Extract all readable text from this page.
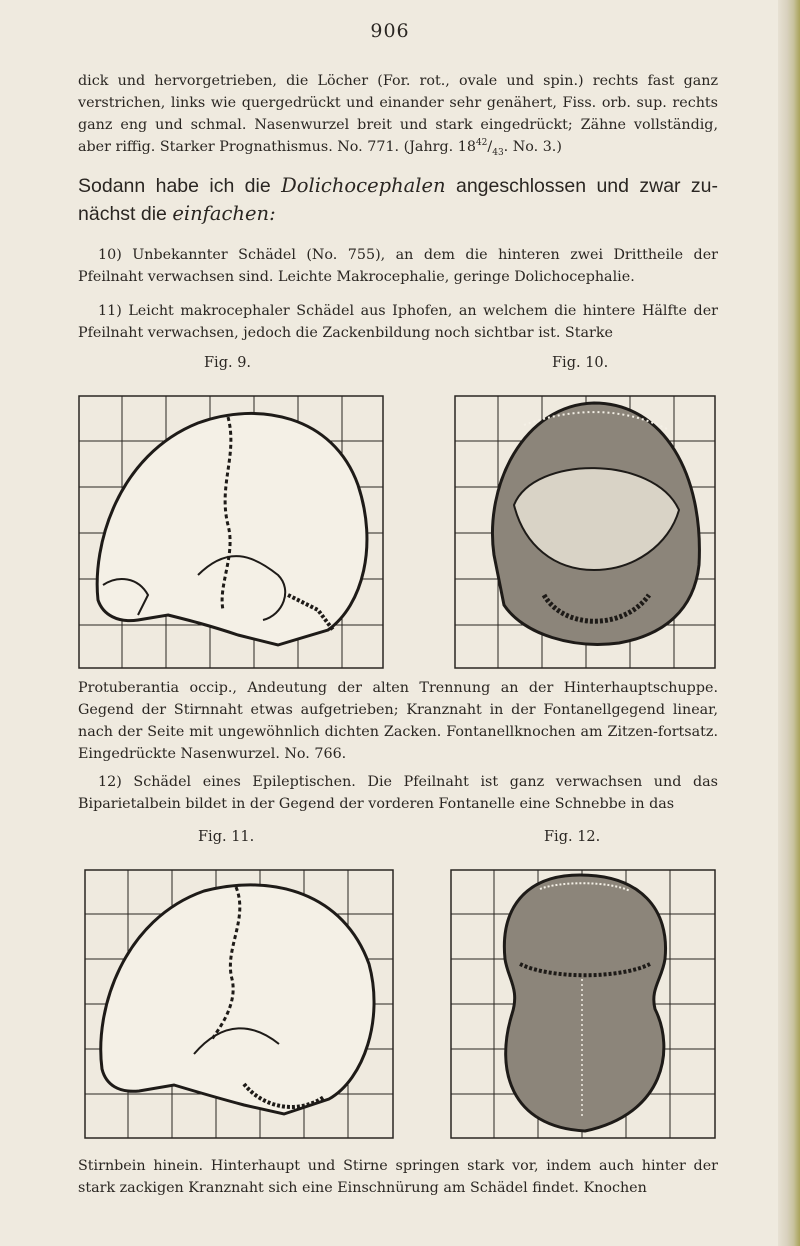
906
dick und hervorgetrieben, die Löcher (For. rot., ovale und spin.) rechts fast ganz verstrichen, links wie quergedrückt und einander sehr genähert, Fiss. orb. sup. rechts ganz eng und schmal. Nasenwurzel breit und stark eingedrückt; Zähne vollständig, aber riffig. Starker Prognathismus. No. 771. (Jahrg. $18^{42}/_{43}$. No. 3.)
Sodann habe ich die Dolichocephalen angeschlossen und zwar zu-nächst die einfachen:
10) Unbekannter Schädel (No. 755), an dem die hinteren zwei Drittheile der Pfeilnaht verwachsen sind. Leichte Makrocephalie, geringe Dolichocephalie.
11) Leicht makrocephaler Schädel aus Iphofen, an welchem die hintere Hälfte der Pfeilnaht verwachsen, jedoch die Zackenbildung noch sichtbar ist. Starke
Fig. 9.	Fig. 10.
Protuberantia occip., Andeutung der alten Trennung an der Hinterhauptschuppe. Gegend der Stirnnaht etwas aufgetrieben; Kranznaht in der Fontanellgegend linear, nach der Seite mit ungewöhnlich dichten Zacken. Fontanellknochen am Zitzen-fortsatz. Eingedrückte Nasenwurzel. No. 766.
12) Schädel eines Epileptischen. Die Pfeilnaht ist ganz verwachsen und das Biparietalbein bildet in der Gegend der vorderen Fontanelle eine Schnebbe in das
Fig. 11.	Fig. 12.
Stirnbein hinein. Hinterhaupt und Stirne springen stark vor, indem auch hinter der stark zackigen Kranznaht sich eine Einschnürung am Schädel findet. Knochen
